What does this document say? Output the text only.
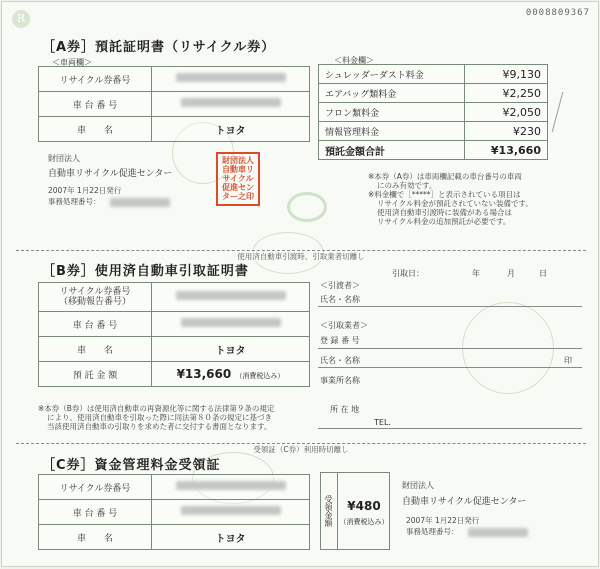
0008809367
R
［A券］預託証明書（リサイクル券）
＜車両欄＞	＜料金欄＞
リサイクル券番号	
車 台 番 号	
車　　名	トヨタ
シュレッダーダスト料金	¥9,130
エアバッグ類料金	¥2,250
フロン類料金	¥2,050
情報管理料金	¥230
預託金額合計	¥13,660
財団法人
自動車リサイクル促進センター
2007年 1月22日発行
事務処理番号：
財団法人自動車リサイクル促進センター之印
※本券（A券）は車両欄記載の車台番号の車両
にのみ有効です。
※料金欄で［*****］と表示されている項目は
リサイクル料金が預託されていない装備です。
使用済自動車引渡時に装備がある場合は
リサイクル料金の追加預託が必要です。
使用済自動車引渡時、引取業者切離し
［B券］使用済自動車引取証明書	引取日：	年	月	日
リサイクル券番号
（移動報告番号）	

車 台 番 号	
車　　名	トヨタ
預 託 金 額	¥13,660 （消費税込み）
＜引渡者＞
氏名・名称
＜引取業者＞
登 録 番 号
氏名・名称	印
事業所名称
所 在 地
TEL.
※本券（B券）は使用済自動車の再資源化等に関する法律第９条の規定
により、使用済自動車を引取った際に同法第８０条の規定に基づき
当該使用済自動車の引取りを求めた者に交付する書面となります。
受領証（C券）利用時切離し
［C券］資金管理料金受領証
リサイクル券番号	
車 台 番 号	
車　　名	トヨタ
受領金額	¥480
（消費税込み）
財団法人
自動車リサイクル促進センター
2007年 1月22日発行
事務処理番号：
